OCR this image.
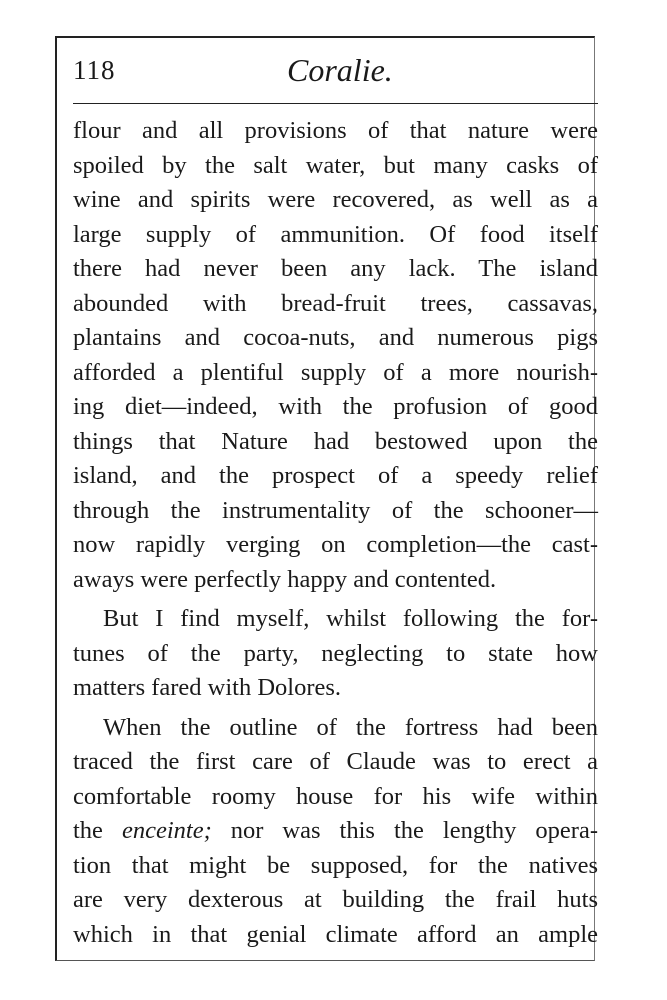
118	Coralie.
flour and all provisions of that nature were
spoiled by the salt water, but many casks of
wine and spirits were recovered, as well as a
large supply of ammunition. Of food itself
there had never been any lack. The island
abounded with bread-fruit trees, cassavas,
plantains and cocoa-nuts, and numerous pigs
afforded a plentiful supply of a more nourish-
ing diet—indeed, with the profusion of good
things that Nature had bestowed upon the
island, and the prospect of a speedy relief
through the instrumentality of the schooner—
now rapidly verging on completion—the cast-
aways were perfectly happy and contented.
But I find myself, whilst following the for-
tunes of the party, neglecting to state how
matters fared with Dolores.
When the outline of the fortress had been
traced the first care of Claude was to erect a
comfortable roomy house for his wife within
the enceinte; nor was this the lengthy opera-
tion that might be supposed, for the natives
are very dexterous at building the frail huts
which in that genial climate afford an ample
